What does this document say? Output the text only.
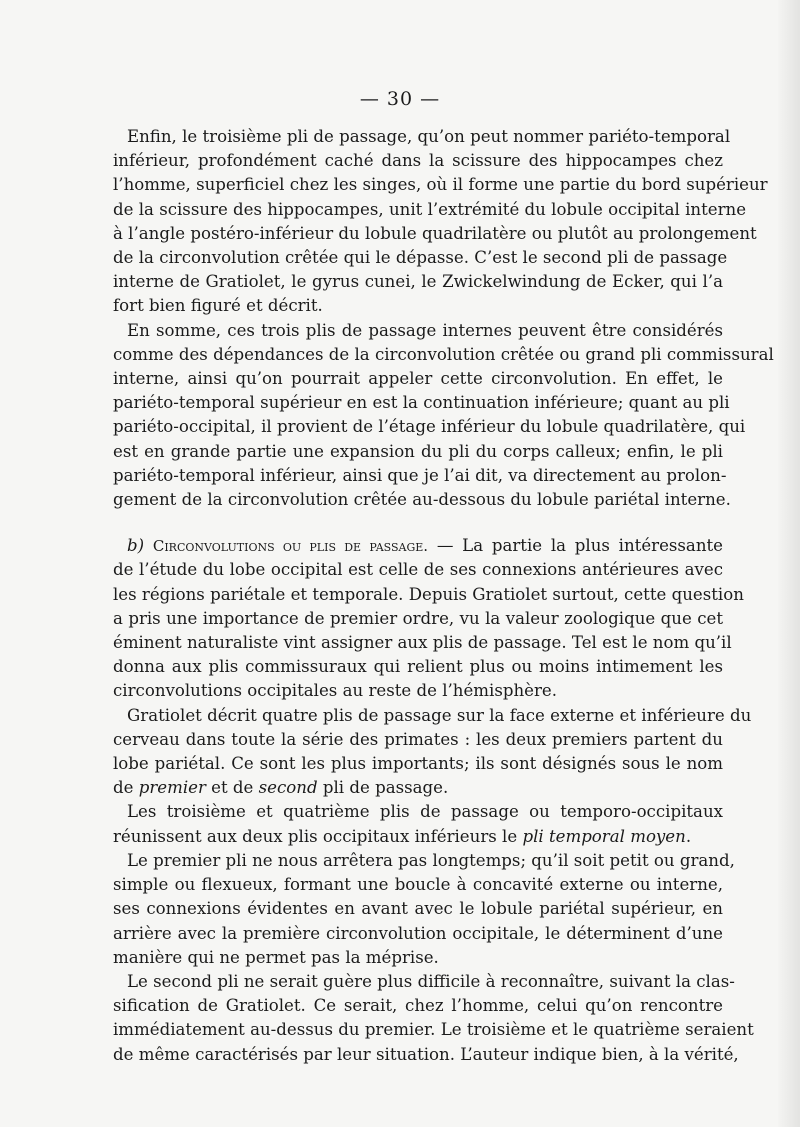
— 30 —
Enfin, le troisième pli de passage, qu’on peut nommer pariéto-temporal
inférieur, profondément caché dans la scissure des hippocampes chez
l’homme, superficiel chez les singes, où il forme une partie du bord supérieur
de la scissure des hippocampes, unit l’extrémité du lobule occipital interne
à l’angle postéro-inférieur du lobule quadrilatère ou plutôt au prolongement
de la circonvolution crêtée qui le dépasse. C’est le second pli de passage
interne de Gratiolet, le gyrus cunei, le Zwickelwindung de Ecker, qui l’a
fort bien figuré et décrit.
En somme, ces trois plis de passage internes peuvent être considérés
comme des dépendances de la circonvolution crêtée ou grand pli commissural
interne, ainsi qu’on pourrait appeler cette circonvolution. En effet, le
pariéto-temporal supérieur en est la continuation inférieure; quant au pli
pariéto-occipital, il provient de l’étage inférieur du lobule quadrilatère, qui
est en grande partie une expansion du pli du corps calleux; enfin, le pli
pariéto-temporal inférieur, ainsi que je l’ai dit, va directement au prolon-
gement de la circonvolution crêtée au-dessous du lobule pariétal interne.
b) Circonvolutions ou plis de passage. — La partie la plus intéressante
de l’étude du lobe occipital est celle de ses connexions antérieures avec
les régions pariétale et temporale. Depuis Gratiolet surtout, cette question
a pris une importance de premier ordre, vu la valeur zoologique que cet
éminent naturaliste vint assigner aux plis de passage. Tel est le nom qu’il
donna aux plis commissuraux qui relient plus ou moins intimement les
circonvolutions occipitales au reste de l’hémisphère.
Gratiolet décrit quatre plis de passage sur la face externe et inférieure du
cerveau dans toute la série des primates : les deux premiers partent du
lobe pariétal. Ce sont les plus importants; ils sont désignés sous le nom
de premier et de second pli de passage.
Les troisième et quatrième plis de passage ou temporo-occipitaux
réunissent aux deux plis occipitaux inférieurs le pli temporal moyen.
Le premier pli ne nous arrêtera pas longtemps; qu’il soit petit ou grand,
simple ou flexueux, formant une boucle à concavité externe ou interne,
ses connexions évidentes en avant avec le lobule pariétal supérieur, en
arrière avec la première circonvolution occipitale, le déterminent d’une
manière qui ne permet pas la méprise.
Le second pli ne serait guère plus difficile à reconnaître, suivant la clas-
sification de Gratiolet. Ce serait, chez l’homme, celui qu’on rencontre
immédiatement au-dessus du premier. Le troisième et le quatrième seraient
de même caractérisés par leur situation. L’auteur indique bien, à la vérité,
